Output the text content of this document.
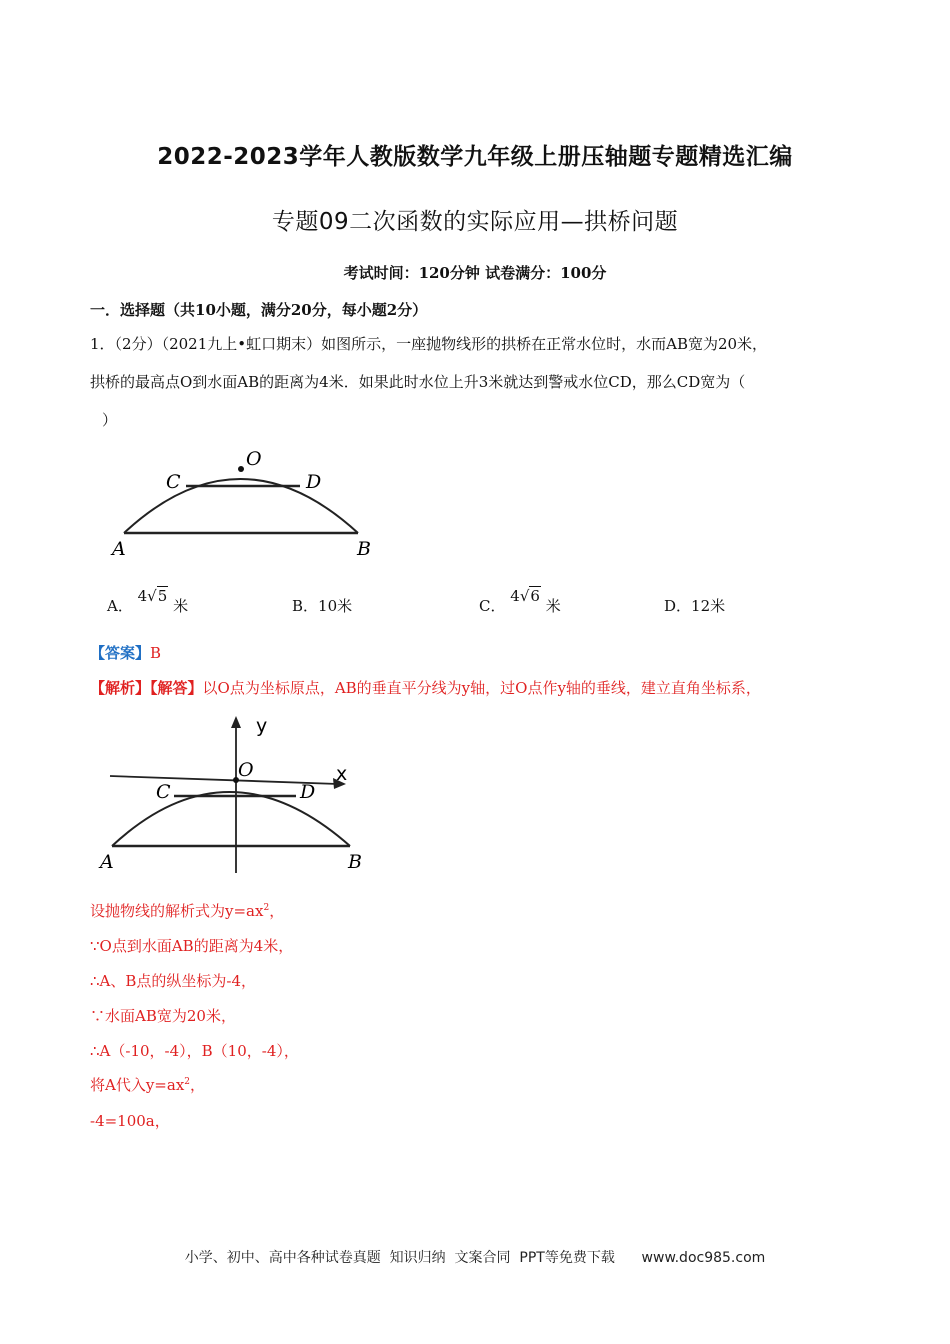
2022-2023学年人教版数学九年级上册压轴题专题精选汇编
专题09二次函数的实际应用—拱桥问题
考试时间：120分钟 试卷满分：100分
一．选择题（共10小题，满分20分，每小题2分）
1．（2分）（2021九上•虹口期末）如图所示，一座抛物线形的拱桥在正常水位时，水而AB宽为20米，
拱桥的最高点O到水面AB的距离为4米．如果此时水位上升3米就达到警戒水位CD，那么CD宽为（
）
O
C	D
A	B
A． 4√5 米	B．10米	C． 4√6 米	D．12米
【答案】B
【解析】【解答】以O点为坐标原点，AB的垂直平分线为y轴，过O点作y轴的垂线，建立直角坐标系，
y
x
O
C	D
A	B
设抛物线的解析式为$y=ax^2$，
∵O点到水面AB的距离为4米，
∴A、B点的纵坐标为-4，
∵水面AB宽为20米，
∴A（-10，-4），B（10，-4），
将A代入$y=ax^2$，
-4=100a，
小学、初中、高中各种试卷真题  知识归纳  文案合同  PPT等免费下载      www.doc985.com
